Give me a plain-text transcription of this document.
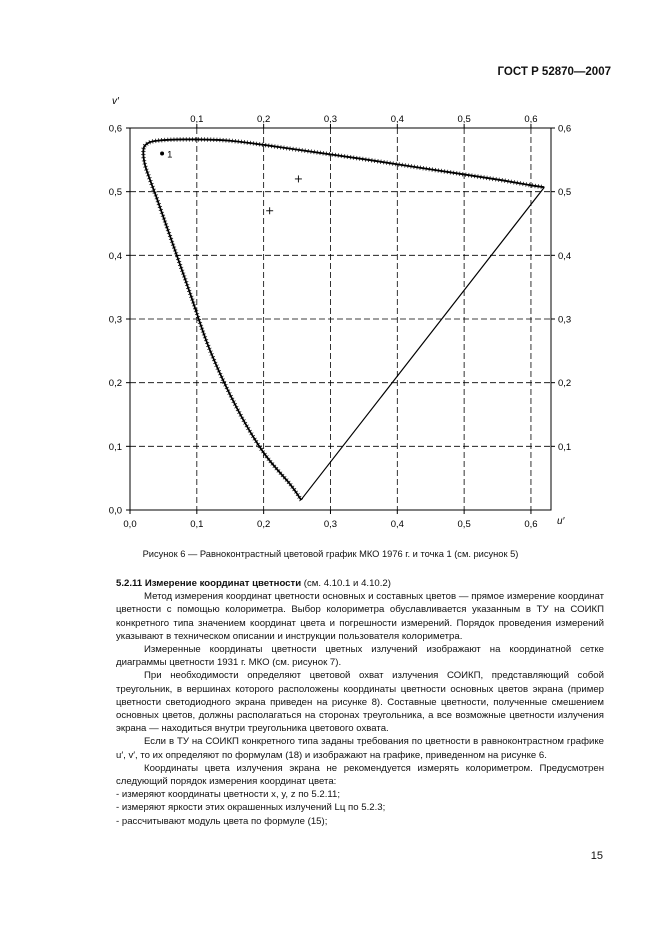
ГОСТ Р 52870—2007
0,0	0,1	0,2	0,3	0,4	0,5	0,6
0,1	0,2	0,3	0,4	0,5	0,6
0,0
0,1
0,2
0,3
0,4
0,5
0,6
0,1
0,2
0,3
0,4
0,5
0,6
1
v′
u′
Рисунок 6 — Равноконтрастный цветовой график МКО 1976 г. и точка 1 (см. рисунок 5)
5.2.11 Измерение координат цветности (см. 4.10.1 и 4.10.2)

Метод измерения координат цветности основных и составных цветов — прямое измерение координат цветности с помощью колориметра. Выбор колориметра обуславливается указанным в ТУ на СОИКП конкретного типа значением координат цвета и погрешности измерений. Порядок проведения измерений указывают в техническом описании и инструкции пользователя колориметра.

Измеренные координаты цветности цветных излучений изображают на координатной сетке диаграммы цветности 1931 г. МКО (см. рисунок 7).

При необходимости определяют цветовой охват излучения СОИКП, представляющий собой треугольник, в вершинах которого расположены координаты цветности основных цветов экрана (пример цветности светодиодного экрана приведен на рисунке 8). Составные цветности, полученные смешением основных цветов, должны располагаться на сторонах треугольника, а все возможные цветности излучения экрана — находиться внутри треугольника цветового охвата.

Если в ТУ на СОИКП конкретного типа заданы требования по цветности в равноконтрастном графике u′, v′, то их определяют по формулам (18) и изображают на графике, приведенном на рисунке 6.

Координаты цвета излучения экрана не рекомендуется измерять колориметром. Предусмотрен следующий порядок измерения координат цвета:

- измеряют координаты цветности x, y, z по 5.2.11;

- измеряют яркости этих окрашенных излучений Lц по 5.2.3;

- рассчитывают модуль цвета по формуле (15);

15
